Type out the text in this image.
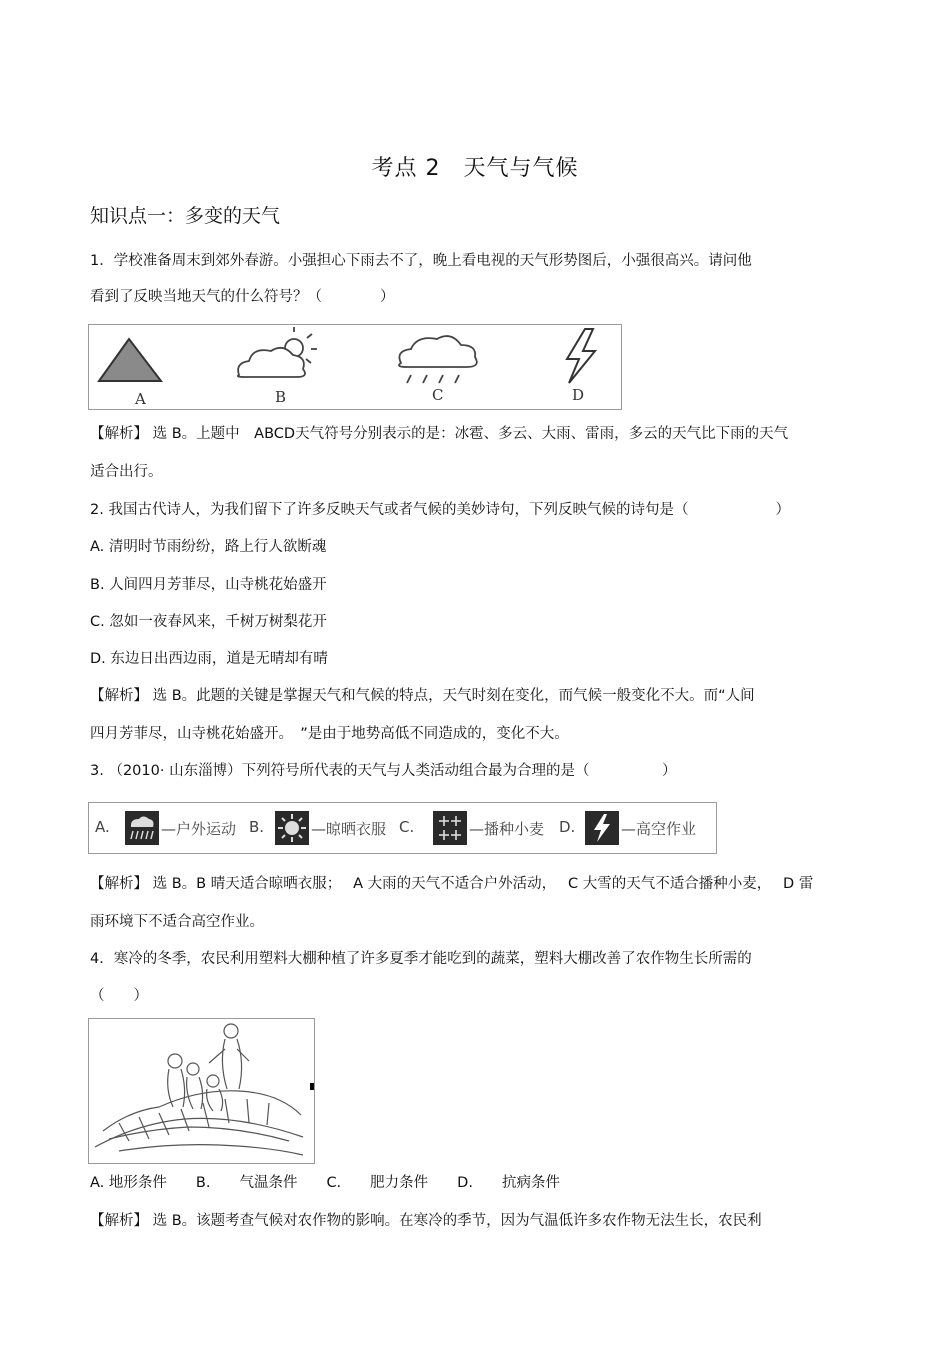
考点 2　天气与气候
知识点一：多变的天气
1．学校准备周末到郊外春游。小强担心下雨去不了，晚上看电视的天气形势图后，小强很高兴。请问他
看到了反映当地天气的什么符号？（　　　　）
A	B	C	D
【解析】 选 B。上题中　ABCD天气符号分别表示的是：冰雹、多云、大雨、雷雨，多云的天气比下雨的天气
适合出行。
2. 我国古代诗人，为我们留下了许多反映天气或者气候的美妙诗句，下列反映气候的诗句是（　　　　　　）
A. 清明时节雨纷纷，路上行人欲断魂
B. 人间四月芳菲尽，山寺桃花始盛开
C. 忽如一夜春风来，千树万树梨花开
D. 东边日出西边雨，道是无晴却有晴
【解析】 选 B。此题的关键是掌握天气和气候的特点，天气时刻在变化，而气候一般变化不大。而“人间
四月芳菲尽，山寺桃花始盛开。　”是由于地势高低不同造成的，变化不大。
3. （2010· 山东淄博）下列符号所代表的天气与人类活动组合最为合理的是（　　　　　）
A.	—户外运动 B.	—晾晒衣服 C.	—播种小麦 D.	—高空作业
【解析】 选 B。B 晴天适合晾晒衣服；　 A 大雨的天气不适合户外活动，　 C 大雪的天气不适合播种小麦，　 D 雷
雨环境下不适合高空作业。
4．寒冷的冬季，农民利用塑料大棚种植了许多夏季才能吃到的蔬菜，塑料大棚改善了农作物生长所需的
（　　）
A. 地形条件　　B.　　气温条件　　C.　　肥力条件　　D.　　抗病条件
【解析】 选 B。该题考查气候对农作物的影响。在寒冷的季节，因为气温低许多农作物无法生长，农民利
